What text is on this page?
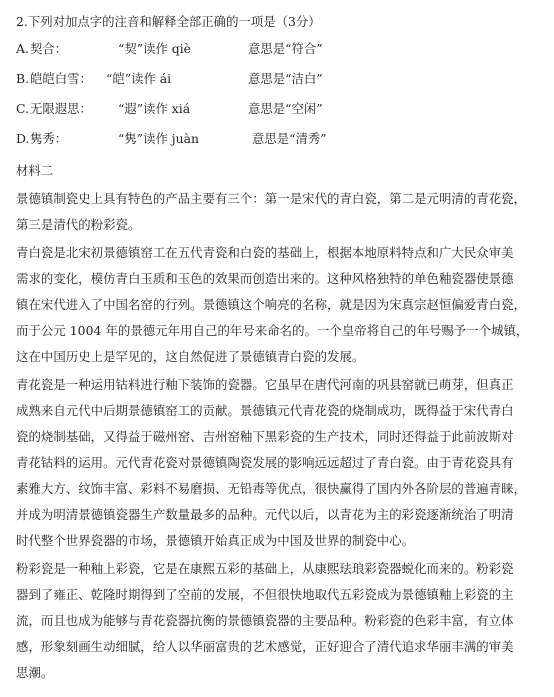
2.下列对加点字的注音和解释全部正确的一项是（3分）
A. 契合：	“契”读作 qiè	意思是“符合”
B. 皑皑白雪： “皑”读作 ái	意思是“洁白”
C. 无限遐思： “遐”读作 xiá	意思是“空闲”
D. 隽秀：	“隽”读作 juàn	意思是“清秀”
材料二
景德镇制瓷史上具有特色的产品主要有三个：第一是宋代的青白瓷，第二是元明清的青花瓷，
第三是清代的粉彩瓷。
青白瓷是北宋初景德镇窑工在五代青瓷和白瓷的基础上，根据本地原料特点和广大民众审美
需求的变化，模仿青白玉质和玉色的效果而创造出来的。这种风格独特的单色釉瓷器使景德
镇在宋代进入了中国名窑的行列。景德镇这个响亮的名称，就是因为宋真宗赵恒偏爱青白瓷，
而于公元 1004 年的景德元年用自己的年号来命名的。一个皇帝将自己的年号赐予一个城镇，
这在中国历史上是罕见的，这自然促进了景德镇青白瓷的发展。
青花瓷是一种运用钴料进行釉下装饰的瓷器。它虽早在唐代河南的巩县窑就已萌芽，但真正
成熟来自元代中后期景德镇窑工的贡献。景德镇元代青花瓷的烧制成功，既得益于宋代青白
瓷的烧制基础，又得益于磁州窑、吉州窑釉下黑彩瓷的生产技术，同时还得益于此前波斯对
青花钴料的运用。元代青花瓷对景德镇陶瓷发展的影响远远超过了青白瓷。由于青花瓷具有
素雅大方、纹饰丰富、彩料不易磨损、无铅毒等优点，很快赢得了国内外各阶层的普遍青睐，
并成为明清景德镇瓷器生产数量最多的品种。元代以后，以青花为主的彩瓷逐渐统治了明清
时代整个世界瓷器的市场，景德镇开始真正成为中国及世界的制瓷中心。
粉彩瓷是一种釉上彩瓷，它是在康熙五彩的基础上，从康熙珐琅彩瓷器蜕化而来的。粉彩瓷
器到了雍正、乾隆时期得到了空前的发展，不但很快地取代五彩瓷成为景德镇釉上彩瓷的主
流，而且也成为能够与青花瓷器抗衡的景德镇瓷器的主要品种。粉彩瓷的色彩丰富，有立体
感，形象刻画生动细腻，给人以华丽富贵的艺术感觉，正好迎合了清代追求华丽丰满的审美
思潮。
